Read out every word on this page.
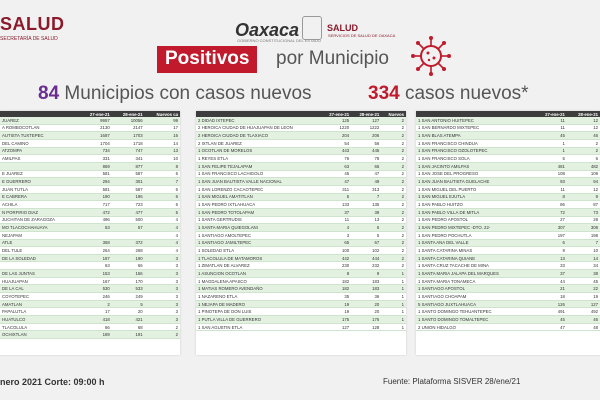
SALUD
SECRETARÍA DE SALUD	Oaxaca
GOBIERNO CONSTITUCIONAL DEL ESTADO
SALUD
SERVICIOS DE SALUD DE OAXACA
Positivos	por Municipio
84 Municipios con casos nuevos	334 casos nuevos*
	27-ene-21	28-ene-21	Nuevos ca
JUAREZ	9957	10056	99
A ROMBOCOTLAN	2130	2147	17
AUTISTA TUXTEPEC	1687	1703	16
DEL CAMINO	1704	1718	14
ATZOMPA	734	747	13
AMILPAS	331	341	10
	869	877	8
E JUAREZ	581	587	6
E GUERRERO	294	301	7
JUAN TUTLA	581	587	6
E CABRERA	190	196	6
ACHILA	717	723	6
N PORFIRIO DIAZ	472	477	5
JUCHITAN DE ZARAGOZA	496	500	4
MO TLACOCHAHUAYA	53	57	4
NEJAPAM			4
ATLE	368	372	4
DEL TULE	264	268	4
DE LA SOLEDAD	187	190	3
	63	66	3
DE LAS JUNTAS	153	156	3
HUAJUAPAN	167	170	3
DE LA CAL	530	533	3
COYOTEPEC	246	249	3
AMATLAN	2	5	3
PAPALUTLA	17	20	3
HUATULCO	418	421	3
TLACOLULA	66	68	2
OCHIXTLAN	189	191	2
	27-ene-21	28-ene-21	Nuevos
2 DIDAD IXTEPEC	125	127	2
2 HEROICA CIUDAD DE HUAJUAPAN DE LEON	1220	1222	2
2 HEROICA CIUDAD DE TLAXIACO	204	206	2
2 IXTLAN DE JUAREZ	54	56	2
1 OCOTLAN DE MORELOS	443	445	2
1 REYES ETLA	76	78	2
1 SAN FELIPE TEJALAPAM	63	65	2
1 SAN FRANCISCO LACHIGOLO	45	47	2
1 SAN JUAN BAUTISTA VALLE NACIONAL	47	49	2
1 SAN LORENZO CACAOTEPEC	311	313	2
1 SAN MIGUEL AMATITLAN	5	7	2
1 SAN PEDRO IXTLAHUACA	133	135	2
1 SAN PEDRO TOTOLAPAM	37	39	2
1 SANTA GERTRUDIS	11	13	2
1 SANTA MARIA QUIEGOLANI	4	6	2
1 SANTIAGO AMOLTEPEC	3	5	2
1 SANTIAGO JAMILTEPEC	65	67	2
1 SOLEDAD ETLA	100	102	2
1 TLACOLULA DE MATAMOROS	442	444	2
1 ZIMATLAN DE ALVAREZ	230	232	2
1 ASUNCION OCOTLAN	8	9	1
1 MAGDALENA APASCO	182	183	1
1 MATIAS ROMERO AVENDAÑO	182	183	1
1 NAZARENO ETLA	35	36	1
1 NEJAPA DE MADERO	19	20	1
1 PINOTEPA DE DON LUIS	19	20	1
1 PUTLA VILLA DE GUERRERO	175	176	1
1 SAN AGUSTIN ETLA	127	128	1
	27-ene-21	28-ene-21
1 SAN ANTONIO HUITEPEC	11	12
1 SAN BERNARDO MIXTEPEC	11	12
1 SAN BLAS ATEMPA	45	46
1 SAN FRANCISCO CHINDUA	1	2
1 SAN FRANCISCO OZOLOTEPEC	1	2
1 SAN FRANCISCO SOLA	5	6
1 SAN JACINTO AMILPAS	481	482
1 SAN JOSE DEL PROGRESO	108	109
1 SAN JUAN BAUTISTA GUELACHE	93	94
1 SAN MIGUEL DEL PUERTO	11	12
1 SAN MIGUEL EJUTLA	8	9
1 SAN PABLO HUITZO	86	87
1 SAN PABLO VILLA DE MITLA	72	73
1 SAN PEDRO APOSTOL	27	28
1 SAN PEDRO MIXTEPEC -DTO. 22-	307	308
1 SAN PEDRO POCHUTLA	197	198
1 SANTA ANA DEL VALLE	6	7
1 SANTA CATARINA MINAS	9	10
1 SANTA CATARINA QUIANE	13	14
1 SANTA CRUZ TACACHE DE MINA	33	34
1 SANTA MARIA JALAPA DEL MARQUES	37	38
1 SANTA MARIA TONAMECA	44	45
1 SANTIAGO APOSTOL	21	22
1 SANTIAGO CHOAPAM	18	19
5 SANTIAGO JUXTLAHUACA	126	127
1 SANTO DOMINGO TEHUANTEPEC	491	492
1 SANTO DOMINGO TOMALTEPEC	45	46
2 UNION HIDALGO	47	48
nero 2021 Corte: 09:00 h	Fuente: Plataforma SISVER 28/ene/21
